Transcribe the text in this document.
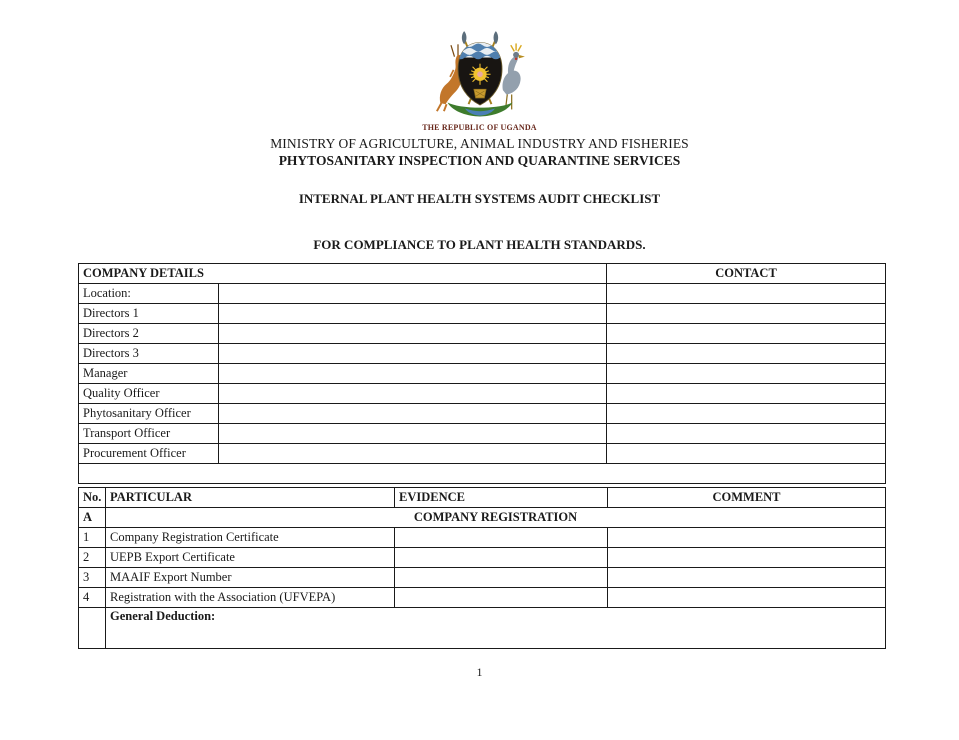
THE REPUBLIC OF UGANDA
MINISTRY OF AGRICULTURE, ANIMAL INDUSTRY AND FISHERIES
PHYTOSANITARY INSPECTION AND QUARANTINE SERVICES
INTERNAL PLANT HEALTH SYSTEMS AUDIT CHECKLIST
FOR COMPLIANCE TO PLANT HEALTH STANDARDS.
COMPANY DETAILS		CONTACT
Location:		
Directors 1		
Directors 2		
Directors 3		
Manager		
Quality Officer		
Phytosanitary Officer		
Transport Officer		
Procurement Officer		

No.	PARTICULAR	EVIDENCE	COMMENT
A	COMPANY REGISTRATION		
1	Company Registration Certificate		
2	UEPB Export Certificate		
3	MAAIF Export Number		
4	Registration with the Association (UFVEPA)		
	General Deduction:		
1
